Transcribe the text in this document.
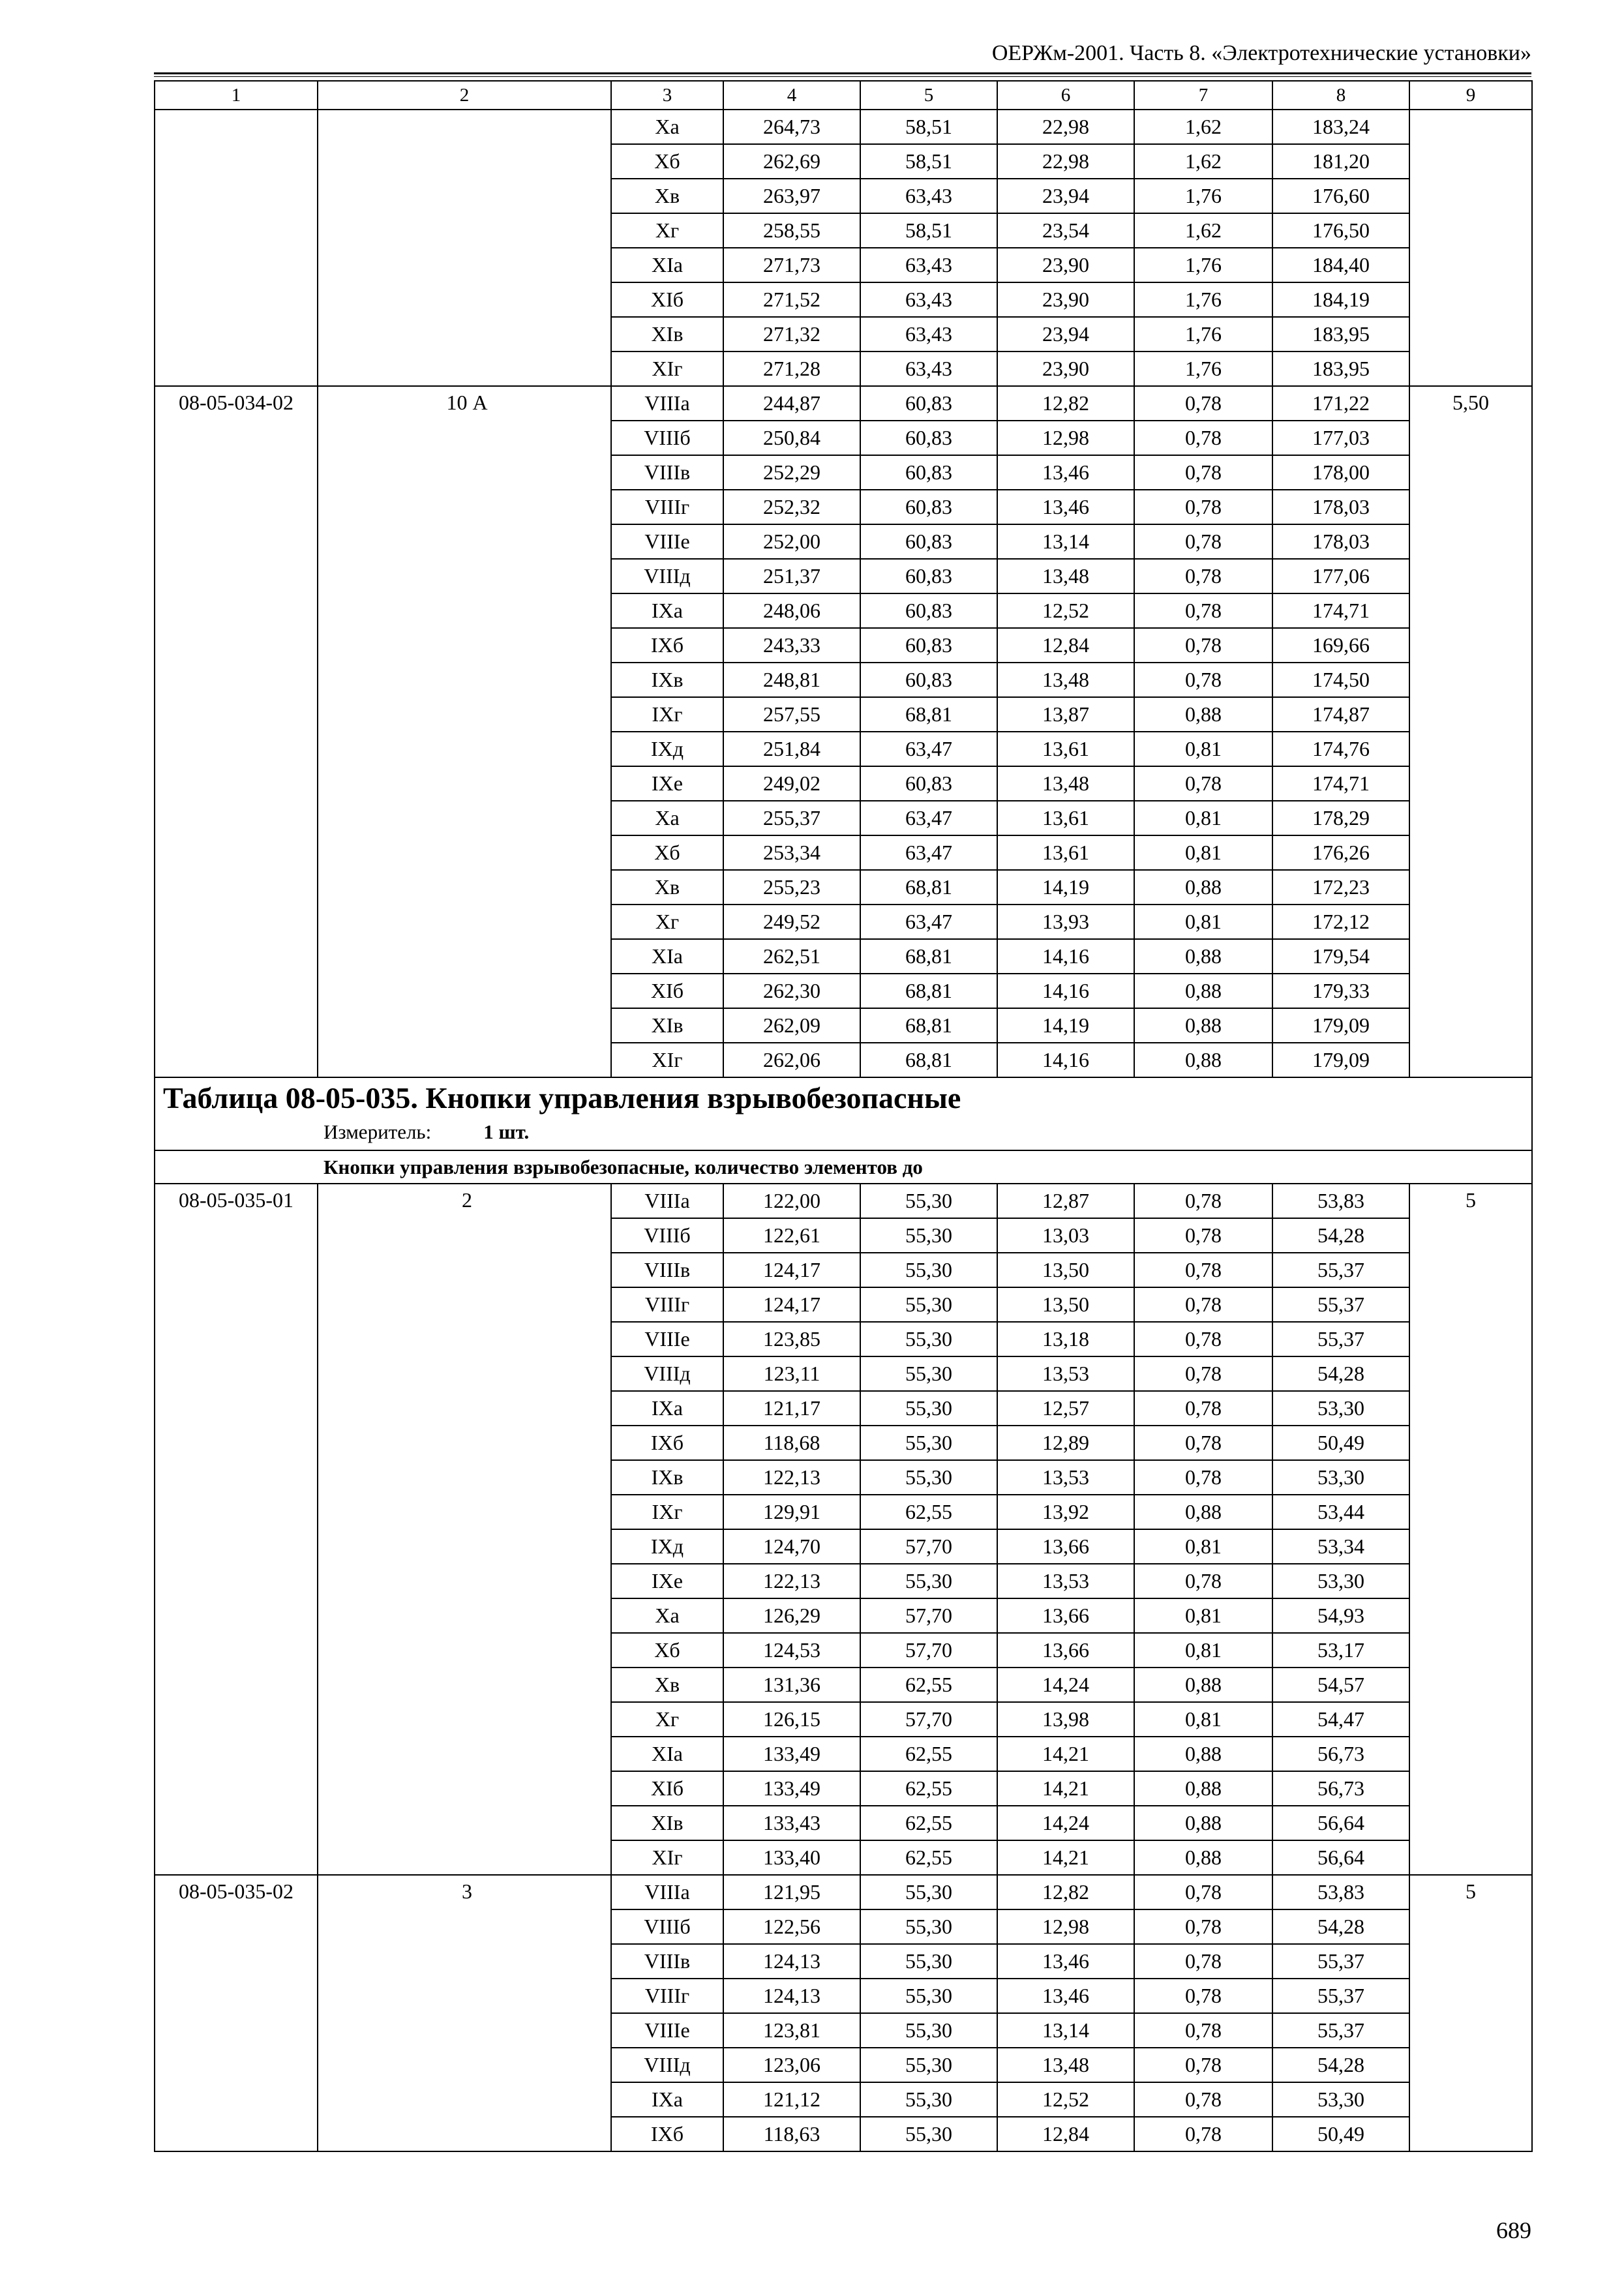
ОЕРЖм-2001. Часть 8. «Электротехнические установки»
1	2	3	4	5	6	7	8	9
		Xa	264,73	58,51	22,98	1,62	183,24	
		Xб	262,69	58,51	22,98	1,62	181,20	
		Xв	263,97	63,43	23,94	1,76	176,60	
		Xг	258,55	58,51	23,54	1,62	176,50	
		XIa	271,73	63,43	23,90	1,76	184,40	
		XIб	271,52	63,43	23,90	1,76	184,19	
		XIв	271,32	63,43	23,94	1,76	183,95	
		XIг	271,28	63,43	23,90	1,76	183,95	
08-05-034-02	10 А	VIIIa	244,87	60,83	12,82	0,78	171,22	5,50
		VIIIб	250,84	60,83	12,98	0,78	177,03	
		VIIIв	252,29	60,83	13,46	0,78	178,00	
		VIIIг	252,32	60,83	13,46	0,78	178,03	
		VIIIe	252,00	60,83	13,14	0,78	178,03	
		VIIIд	251,37	60,83	13,48	0,78	177,06	
		IXa	248,06	60,83	12,52	0,78	174,71	
		IXб	243,33	60,83	12,84	0,78	169,66	
		IXв	248,81	60,83	13,48	0,78	174,50	
		IXг	257,55	68,81	13,87	0,88	174,87	
		IXд	251,84	63,47	13,61	0,81	174,76	
		IXe	249,02	60,83	13,48	0,78	174,71	
		Xa	255,37	63,47	13,61	0,81	178,29	
		Xб	253,34	63,47	13,61	0,81	176,26	
		Xв	255,23	68,81	14,19	0,88	172,23	
		Xг	249,52	63,47	13,93	0,81	172,12	
		XIa	262,51	68,81	14,16	0,88	179,54	
		XIб	262,30	68,81	14,16	0,88	179,33	
		XIв	262,09	68,81	14,19	0,88	179,09	
		XIг	262,06	68,81	14,16	0,88	179,09	

Таблица 08-05-035. Кнопки управления взрывобезопасные
Измеритель: 1 шт.								

Кнопки управления взрывобезопасные, количество элементов до								
08-05-035-01	2	VIIIa	122,00	55,30	12,87	0,78	53,83	5
		VIIIб	122,61	55,30	13,03	0,78	54,28	
		VIIIв	124,17	55,30	13,50	0,78	55,37	
		VIIIг	124,17	55,30	13,50	0,78	55,37	
		VIIIe	123,85	55,30	13,18	0,78	55,37	
		VIIIд	123,11	55,30	13,53	0,78	54,28	
		IXa	121,17	55,30	12,57	0,78	53,30	
		IXб	118,68	55,30	12,89	0,78	50,49	
		IXв	122,13	55,30	13,53	0,78	53,30	
		IXг	129,91	62,55	13,92	0,88	53,44	
		IXд	124,70	57,70	13,66	0,81	53,34	
		IXe	122,13	55,30	13,53	0,78	53,30	
		Xa	126,29	57,70	13,66	0,81	54,93	
		Xб	124,53	57,70	13,66	0,81	53,17	
		Xв	131,36	62,55	14,24	0,88	54,57	
		Xг	126,15	57,70	13,98	0,81	54,47	
		XIa	133,49	62,55	14,21	0,88	56,73	
		XIб	133,49	62,55	14,21	0,88	56,73	
		XIв	133,43	62,55	14,24	0,88	56,64	
		XIг	133,40	62,55	14,21	0,88	56,64	
08-05-035-02	3	VIIIa	121,95	55,30	12,82	0,78	53,83	5
		VIIIб	122,56	55,30	12,98	0,78	54,28	
		VIIIв	124,13	55,30	13,46	0,78	55,37	
		VIIIг	124,13	55,30	13,46	0,78	55,37	
		VIIIe	123,81	55,30	13,14	0,78	55,37	
		VIIIд	123,06	55,30	13,48	0,78	54,28	
		IXa	121,12	55,30	12,52	0,78	53,30	
		IXб	118,63	55,30	12,84	0,78	50,49	
689
